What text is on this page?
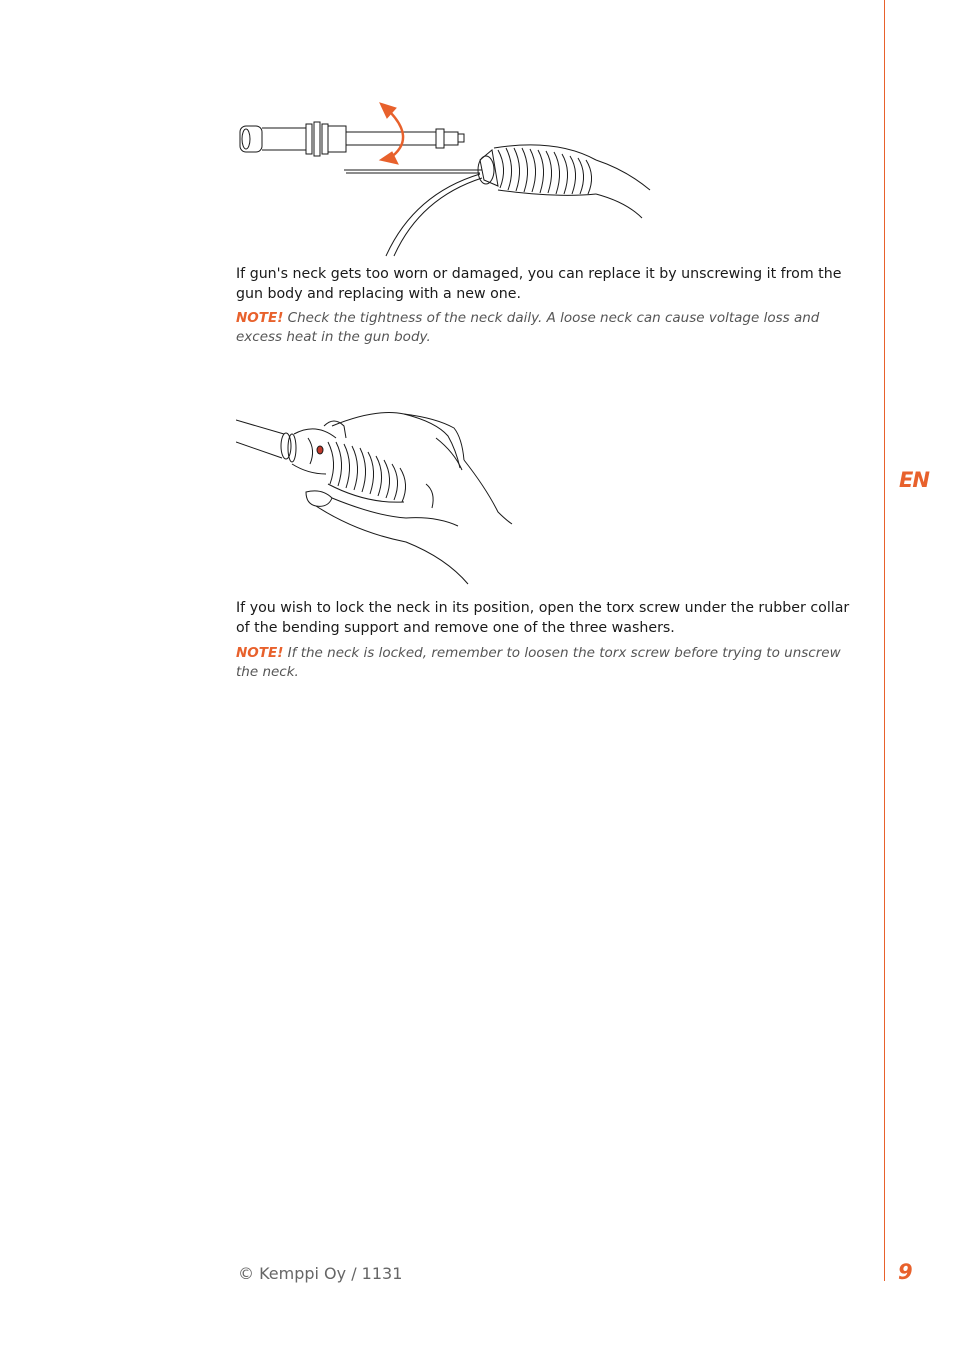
EN
If gun's neck gets too worn or damaged, you can replace it by unscrewing it from the gun body and replacing with a new one.
NOTE! Check the tightness of the neck daily. A loose neck can cause voltage loss and excess heat in the gun body.
If you wish to lock the neck in its position, open the torx screw under the rubber collar of the bending support and remove one of the three washers.
NOTE! If the neck is locked, remember to loosen the torx screw before trying to unscrew the neck.
© Kemppi Oy / 1131	9
